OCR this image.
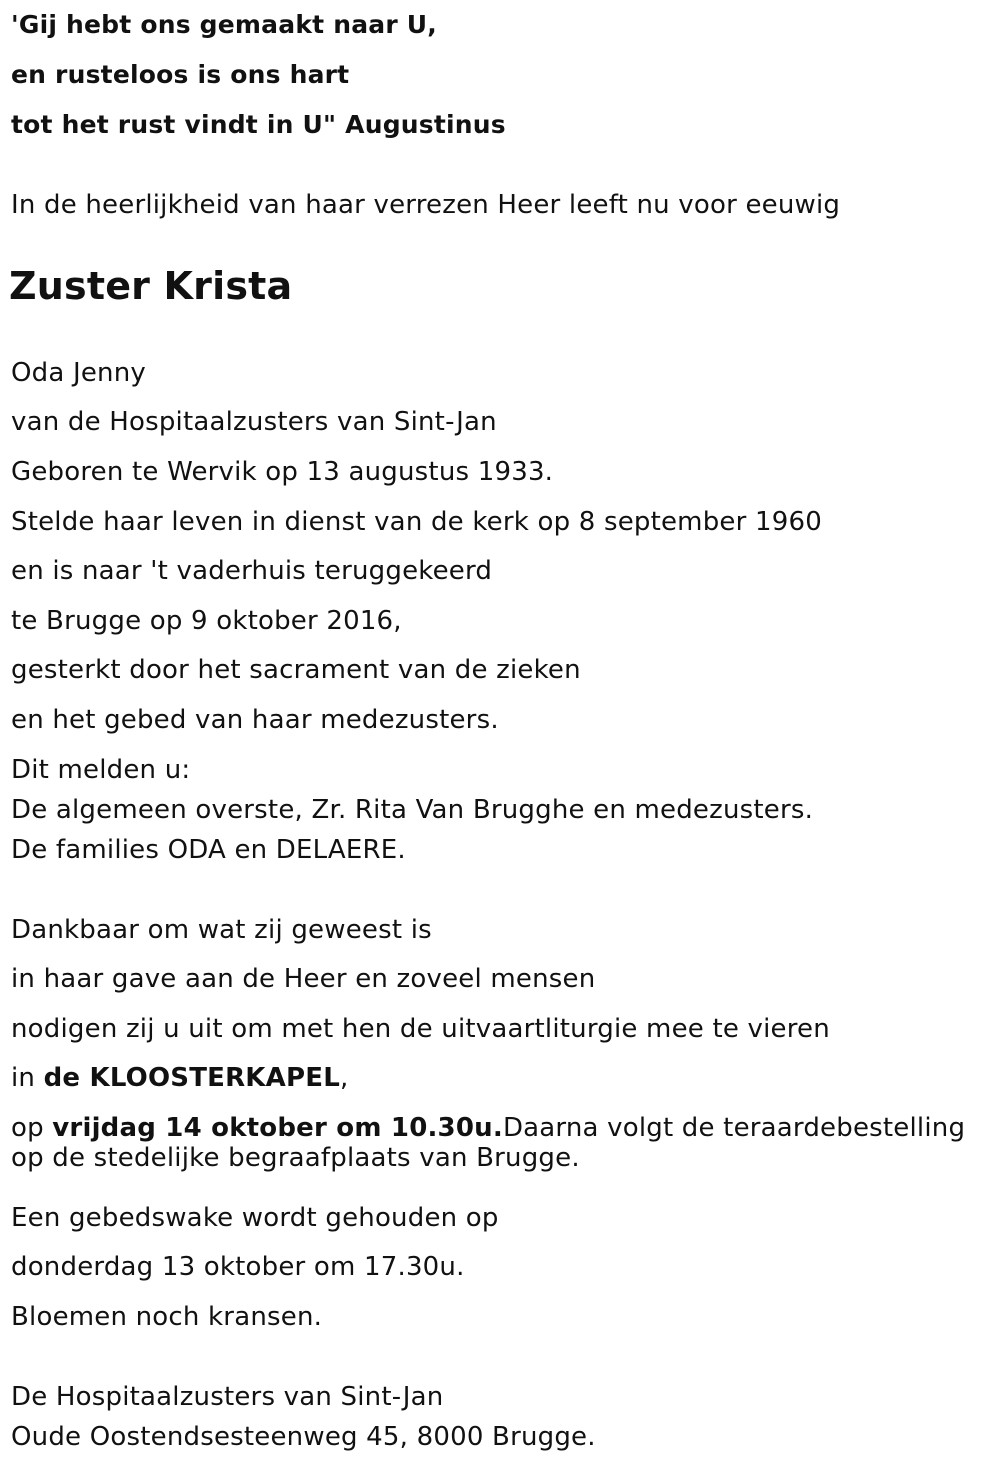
'Gij hebt ons gemaakt naar U,
en rusteloos is ons hart
tot het rust vindt in U" Augustinus
In de heerlijkheid van haar verrezen Heer leeft nu voor eeuwig
Zuster Krista
Oda Jenny
van de Hospitaalzusters van Sint-Jan
Geboren te Wervik op 13 augustus 1933.
Stelde haar leven in dienst van de kerk op 8 september 1960
en is naar 't vaderhuis teruggekeerd
te Brugge op 9 oktober 2016,
gesterkt door het sacrament van de zieken
en het gebed van haar medezusters.
Dit melden u:
De algemeen overste, Zr. Rita Van Brugghe en medezusters.
De families ODA en DELAERE.
Dankbaar om wat zij geweest is
in haar gave aan de Heer en zoveel mensen
nodigen zij u uit om met hen de uitvaartliturgie mee te vieren
in de KLOOSTERKAPEL,
op vrijdag 14 oktober om 10.30u.Daarna volgt de teraardebestelling op de stedelijke begraafplaats van Brugge.
Een gebedswake wordt gehouden op
donderdag 13 oktober om 17.30u.
Bloemen noch kransen.
De Hospitaalzusters van Sint-Jan
Oude Oostendsesteenweg 45, 8000 Brugge.
